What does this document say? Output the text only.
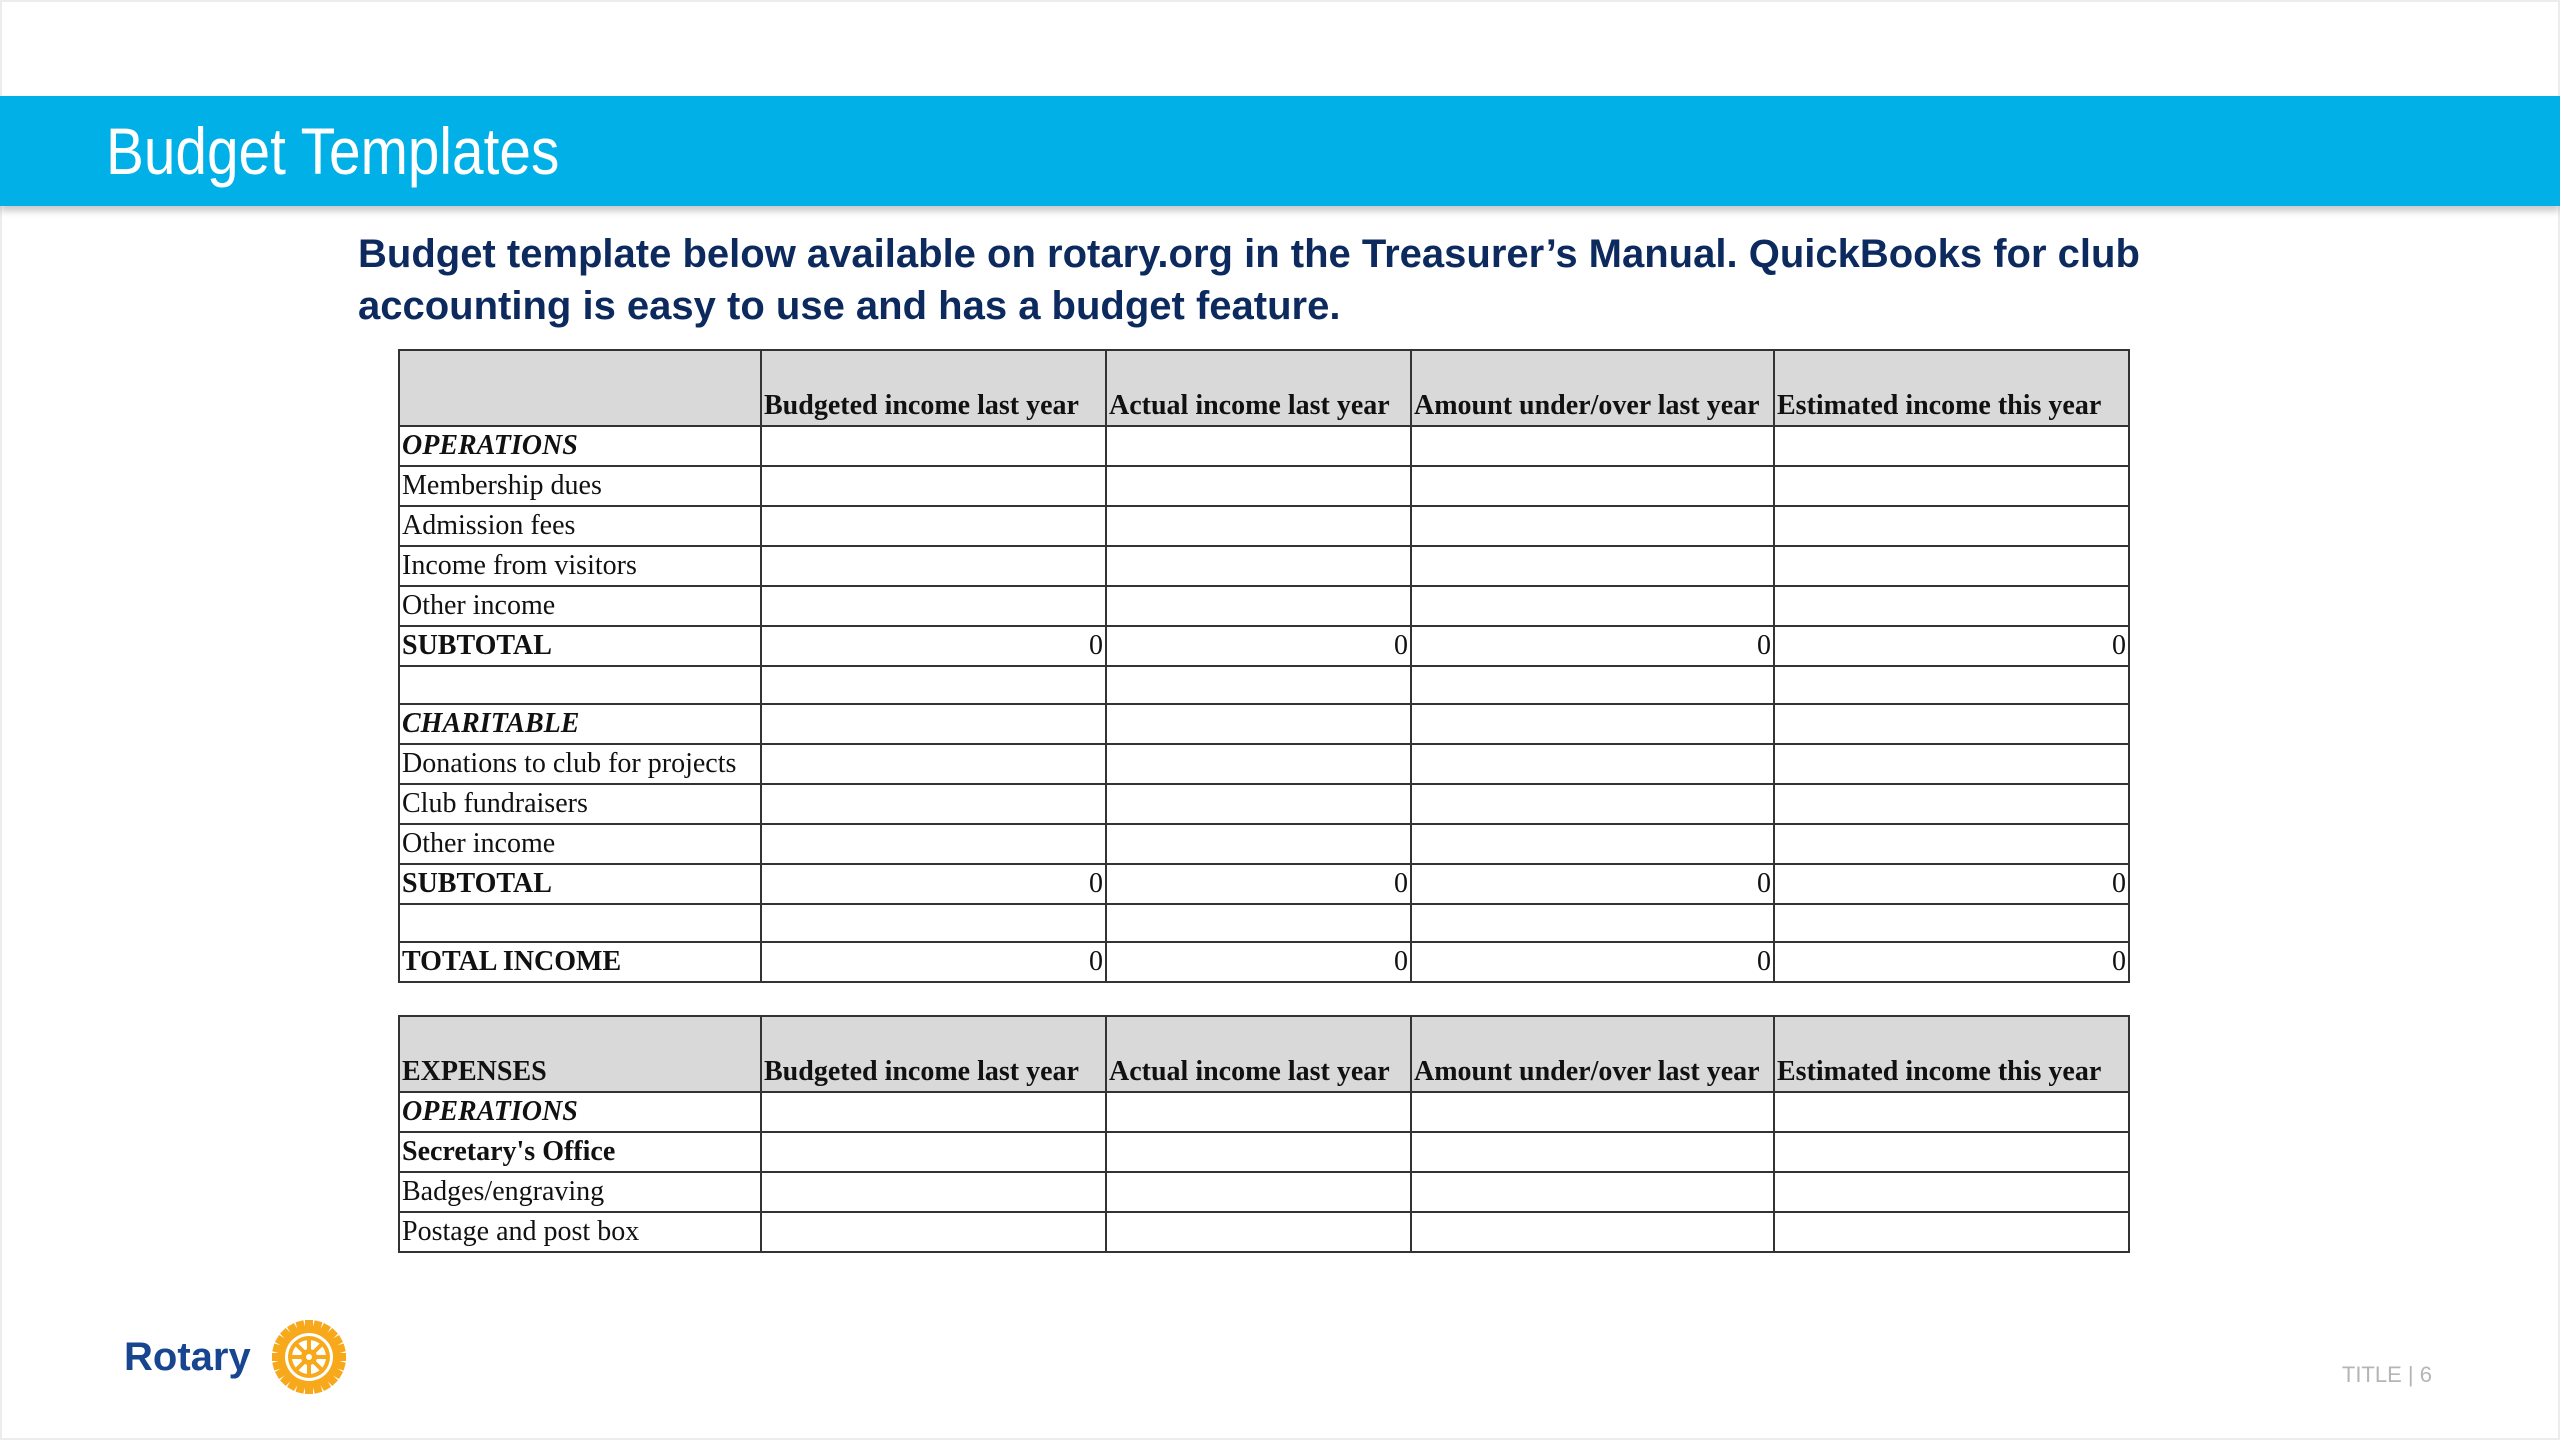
Budget Templates
Budget template below available on rotary.org in the Treasurer’s Manual. QuickBooks for club accounting is easy to use and has a budget feature.
	Budgeted income last year	Actual income last year	Amount under/over last year	Estimated income this year
OPERATIONS				
Membership dues				
Admission fees				
Income from visitors				
Other income				
SUBTOTAL	0	0	0	0

CHARITABLE				
Donations to club for projects				
Club fundraisers				
Other income				
SUBTOTAL	0	0	0	0

TOTAL INCOME	0	0	0	0
EXPENSES	Budgeted income last year	Actual income last year	Amount under/over last year	Estimated income this year
OPERATIONS				
Secretary's Office				
Badges/engraving				
Postage and post box				
Rotary	TITLE | 6
